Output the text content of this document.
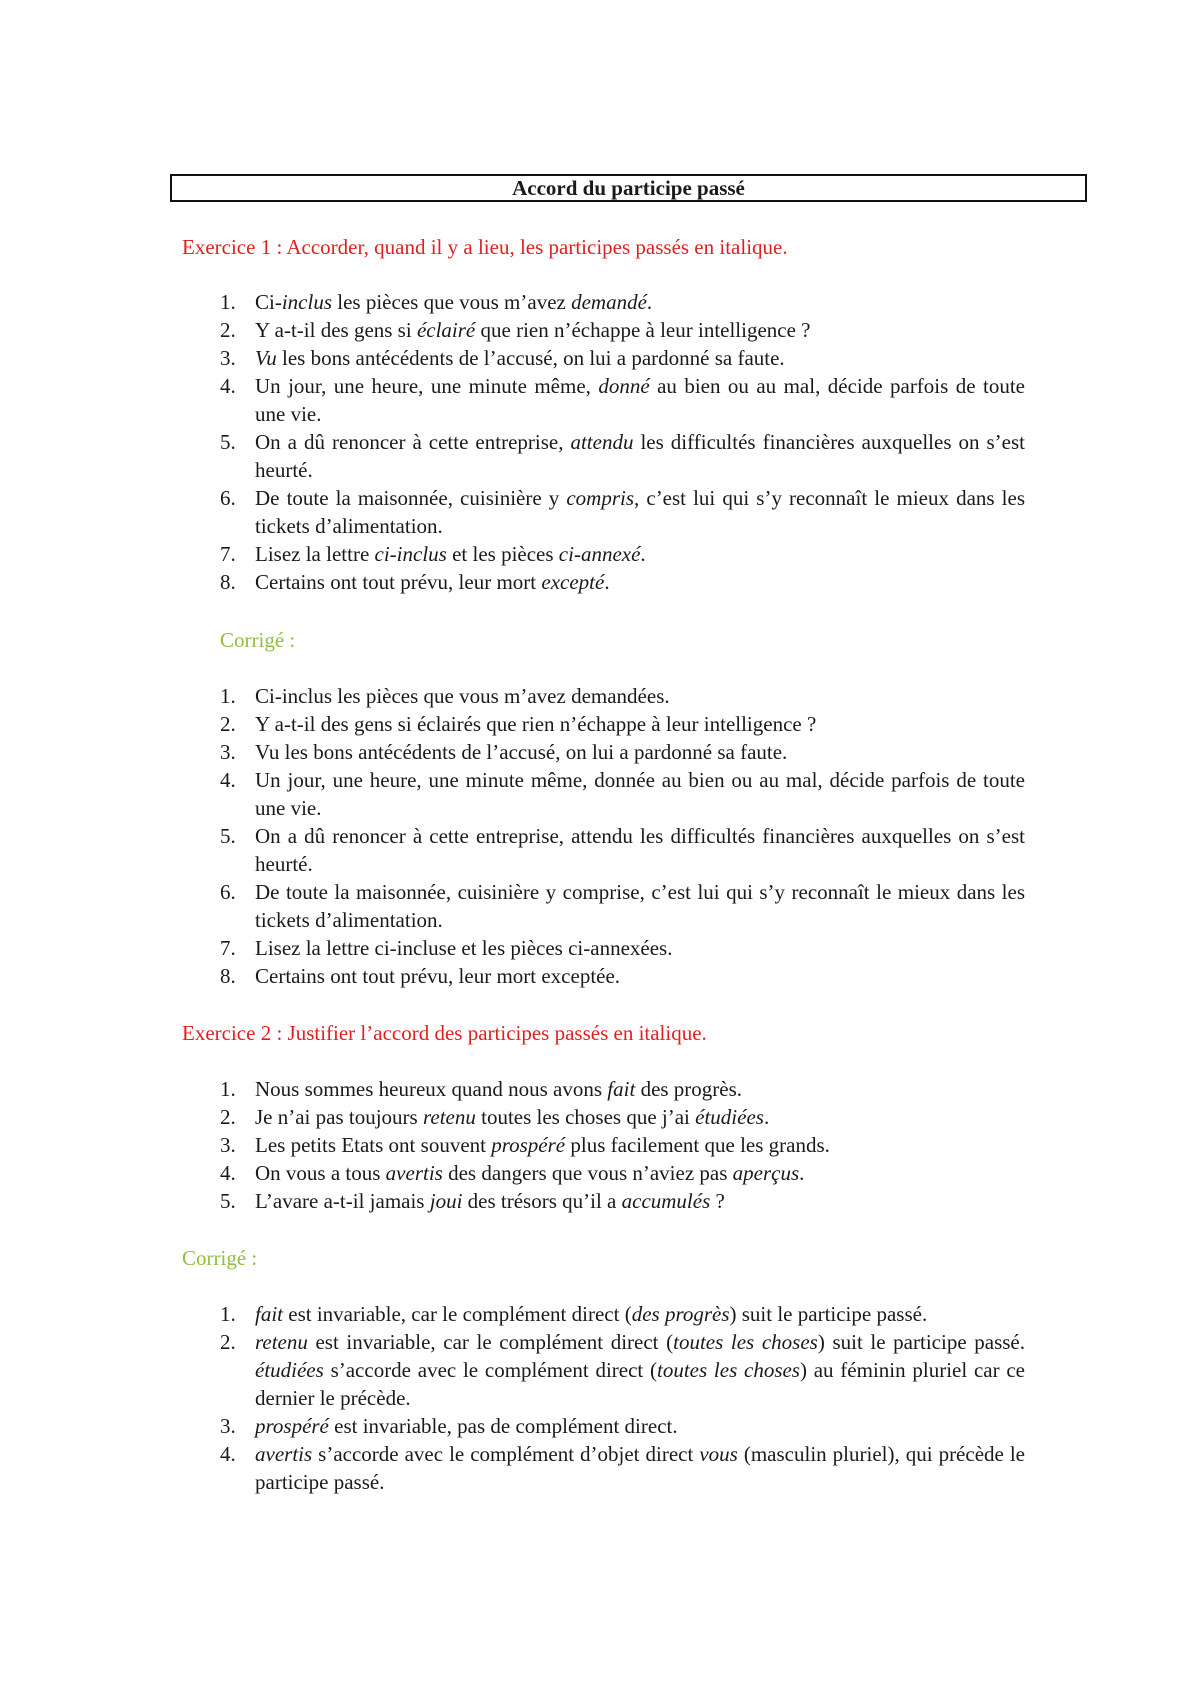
Accord du participe passé
Exercice 1 : Accorder, quand il y a lieu, les participes passés en italique.
1. Ci-inclus les pièces que vous m’avez demandé.
2. Y a-t-il des gens si éclairé que rien n’échappe à leur intelligence ?
3. Vu les bons antécédents de l’accusé, on lui a pardonné sa faute.
4. Un jour, une heure, une minute même, donné au bien ou au mal, décide parfois de toute une vie.
5. On a dû renoncer à cette entreprise, attendu les difficultés financières auxquelles on s’est heurté.
6. De toute la maisonnée, cuisinière y compris, c’est lui qui s’y reconnaît le mieux dans les tickets d’alimentation.
7. Lisez la lettre ci-inclus et les pièces ci-annexé.
8. Certains ont tout prévu, leur mort excepté.
Corrigé :
1. Ci-inclus les pièces que vous m’avez demandées.
2. Y a-t-il des gens si éclairés que rien n’échappe à leur intelligence ?
3. Vu les bons antécédents de l’accusé, on lui a pardonné sa faute.
4. Un jour, une heure, une minute même, donnée au bien ou au mal, décide parfois de toute une vie.
5. On a dû renoncer à cette entreprise, attendu les difficultés financières auxquelles on s’est heurté.
6. De toute la maisonnée, cuisinière y comprise, c’est lui qui s’y reconnaît le mieux dans les tickets d’alimentation.
7. Lisez la lettre ci-incluse et les pièces ci-annexées.
8. Certains ont tout prévu, leur mort exceptée.
Exercice 2 : Justifier l’accord des participes passés en italique.
1. Nous sommes heureux quand nous avons fait des progrès.
2. Je n’ai pas toujours retenu toutes les choses que j’ai étudiées.
3. Les petits Etats ont souvent prospéré plus facilement que les grands.
4. On vous a tous avertis des dangers que vous n’aviez pas aperçus.
5. L’avare a-t-il jamais joui des trésors qu’il a accumulés ?
Corrigé :
1. fait est invariable, car le complément direct (des progrès) suit le participe passé.
2. retenu est invariable, car le complément direct (toutes les choses) suit le participe passé. étudiées s’accorde avec le complément direct (toutes les choses) au féminin pluriel car ce dernier le précède.
3. prospéré est invariable, pas de complément direct.
4. avertis s’accorde avec le complément d’objet direct vous (masculin pluriel), qui précède le participe passé.
